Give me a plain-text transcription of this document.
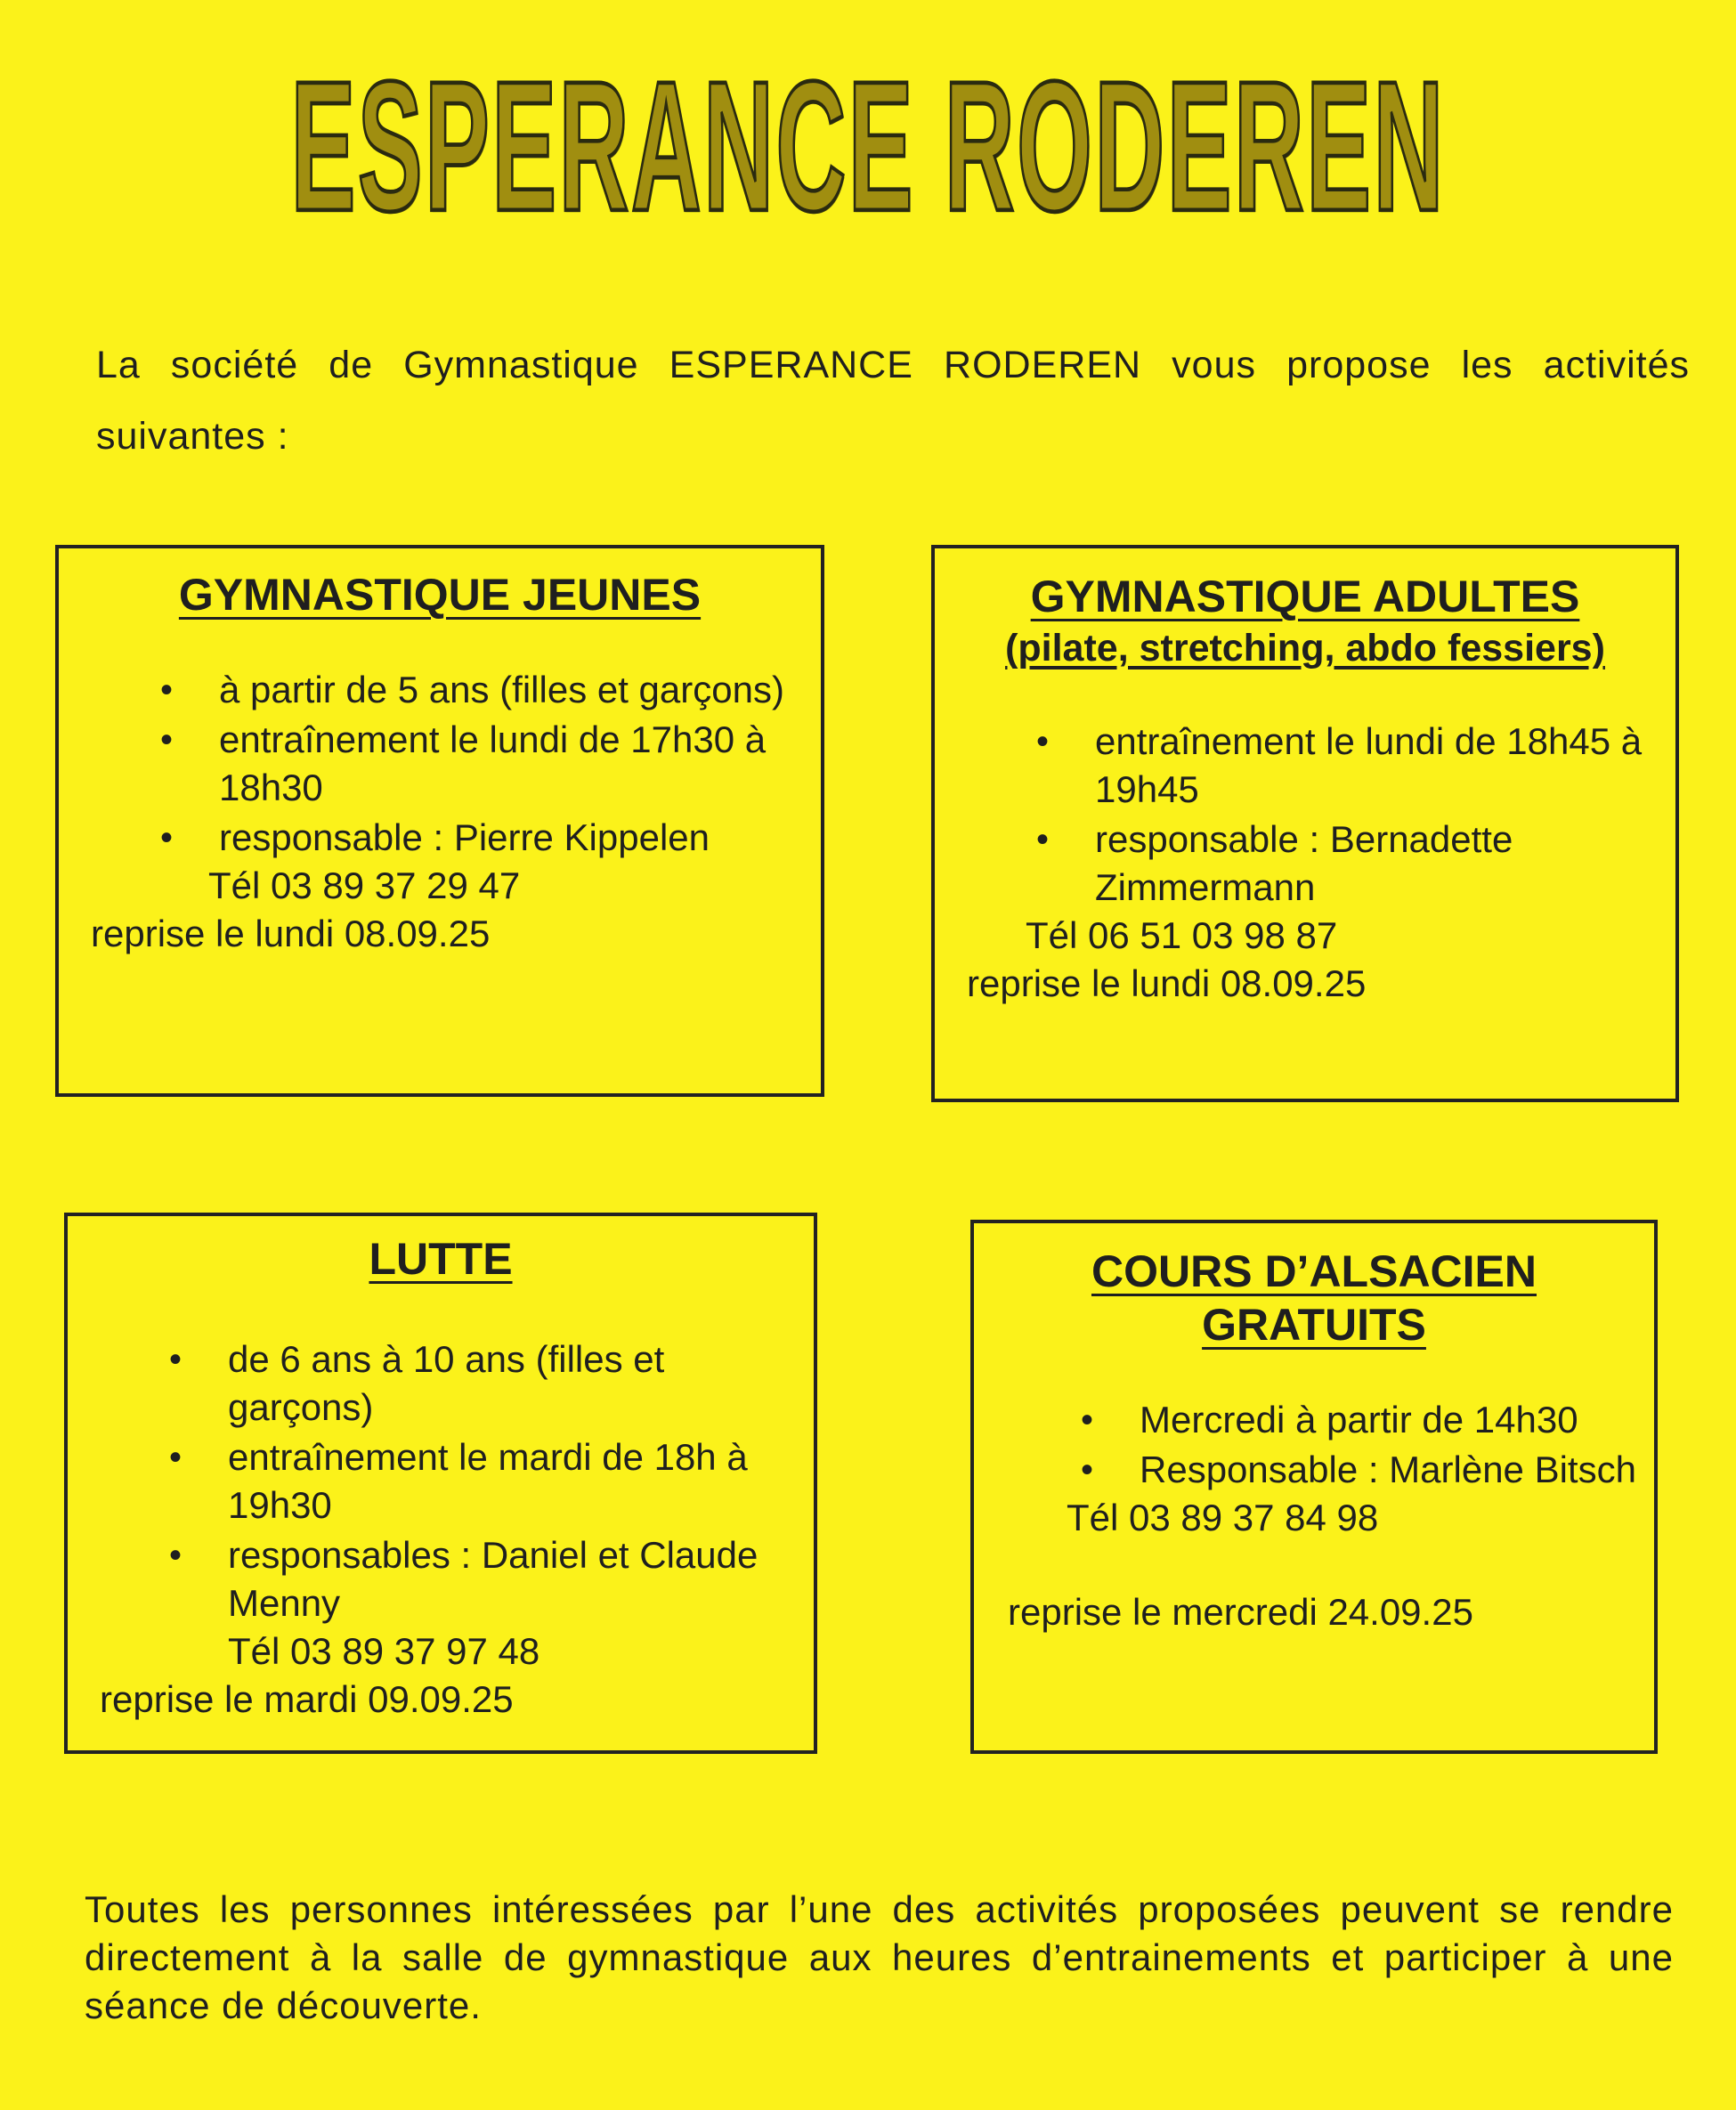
ESPERANCE RODEREN
La société de Gymnastique ESPERANCE RODEREN vous propose les activités suivantes :
GYMNASTIQUE JEUNES
• à partir de 5 ans (filles et garçons)
• entraînement le lundi de 17h30 à 18h30
• responsable : Pierre Kippelen
Tél 03 89 37 29 47
reprise le lundi 08.09.25
GYMNASTIQUE ADULTES

(pilate, stretching, abdo fessiers)

• entraînement le lundi de 18h45 à 19h45
• responsable : Bernadette Zimmermann
Tél 06 51 03 98 87
reprise le lundi 08.09.25
LUTTE
• de 6 ans à 10 ans (filles et garçons)
• entraînement le mardi de 18h à 19h30
• responsables : Daniel et Claude Menny
Tél 03 89 37 97 48
reprise le mardi 09.09.25
COURS D’ALSACIEN GRATUITS
• Mercredi à partir de 14h30
• Responsable : Marlène Bitsch
Tél 03 89 37 84 98
reprise le mercredi 24.09.25
Toutes les personnes intéressées par l’une des activités proposées peuvent se rendre directement à la salle de gymnastique aux heures d’entrainements et participer à une séance de découverte.
